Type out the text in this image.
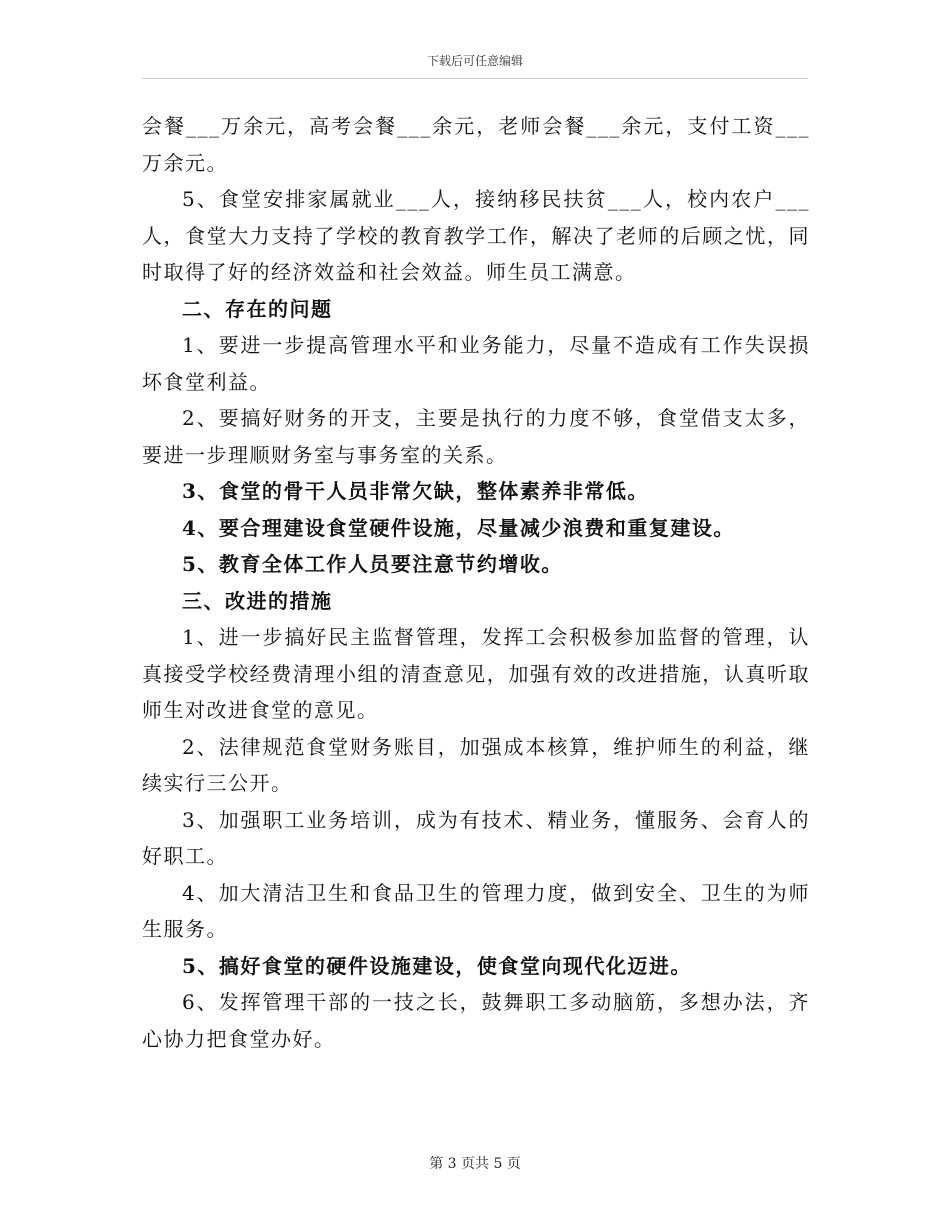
下载后可任意编辑

会餐___万余元，高考会餐___余元，老师会餐___余元，支付工资___万余元。

5、食堂安排家属就业___人，接纳移民扶贫___人，校内农户___人，食堂大力支持了学校的教育教学工作，解决了老师的后顾之忧，同时取得了好的经济效益和社会效益。师生员工满意。

二、存在的问题

1、要进一步提高管理水平和业务能力，尽量不造成有工作失误损坏食堂利益。

2、要搞好财务的开支，主要是执行的力度不够，食堂借支太多，要进一步理顺财务室与事务室的关系。

3、食堂的骨干人员非常欠缺，整体素养非常低。

4、要合理建设食堂硬件设施，尽量减少浪费和重复建设。

5、教育全体工作人员要注意节约增收。

三、改进的措施

1、进一步搞好民主监督管理，发挥工会积极参加监督的管理，认真接受学校经费清理小组的清查意见，加强有效的改进措施，认真听取师生对改进食堂的意见。

2、法律规范食堂财务账目，加强成本核算，维护师生的利益，继续实行三公开。

3、加强职工业务培训，成为有技术、精业务，懂服务、会育人的好职工。

4、加大清洁卫生和食品卫生的管理力度，做到安全、卫生的为师生服务。

5、搞好食堂的硬件设施建设，使食堂向现代化迈进。

6、发挥管理干部的一技之长，鼓舞职工多动脑筋，多想办法，齐心协力把食堂办好。

第 3 页共 5 页
